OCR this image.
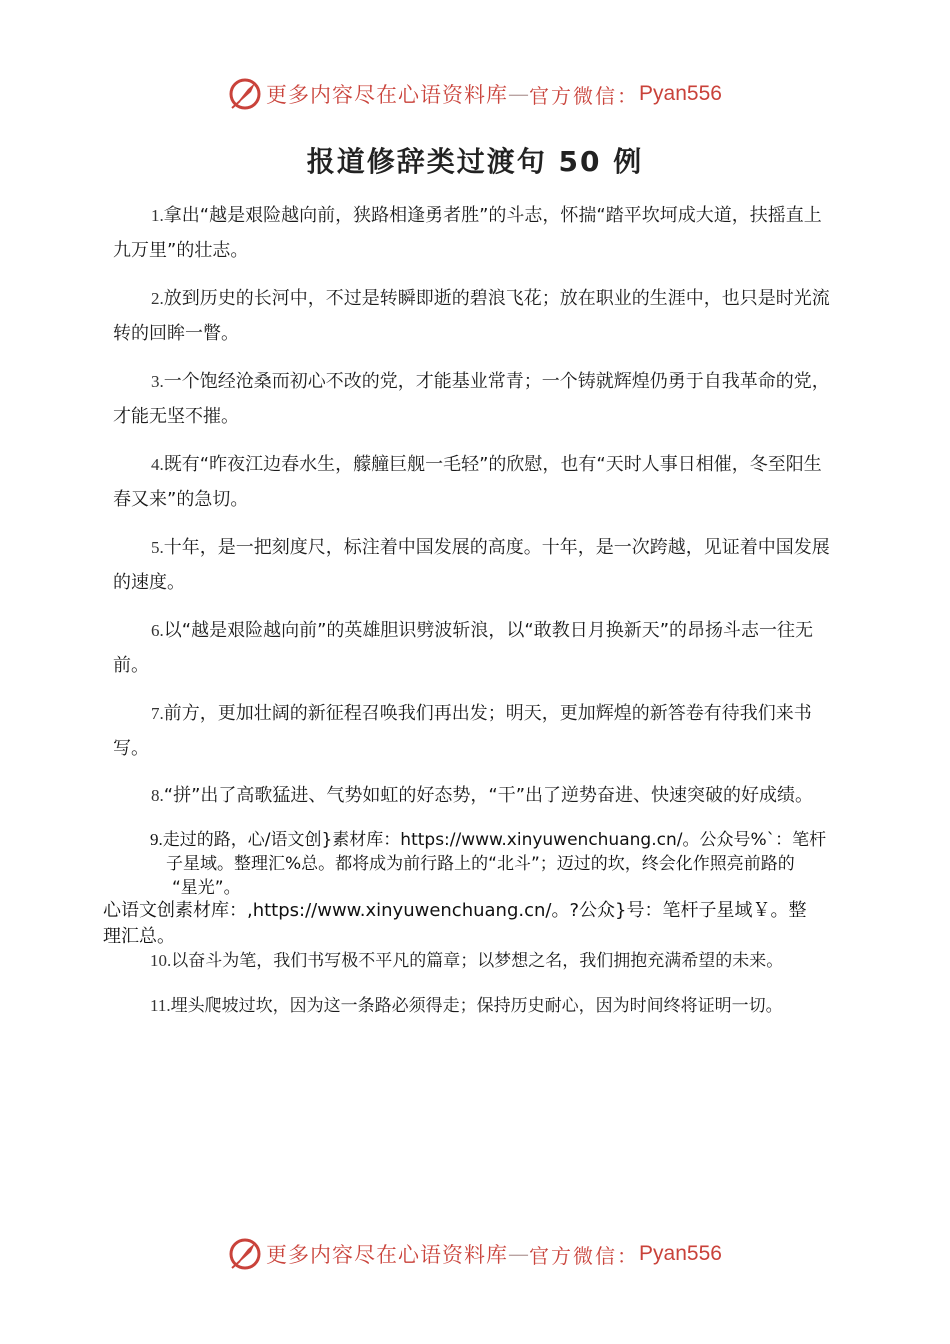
更多内容尽在心语资料库 — 官方微信： Pyan556
报道修辞类过渡句 50 例
1.拿出“越是艰险越向前，狭路相逢勇者胜”的斗志，怀揣“踏平坎坷成大道，扶摇直上九万里”的壮志。
2.放到历史的长河中，不过是转瞬即逝的碧浪飞花；放在职业的生涯中，也只是时光流转的回眸一瞥。
3.一个饱经沧桑而初心不改的党，才能基业常青；一个铸就辉煌仍勇于自我革命的党，才能无坚不摧。
4.既有“昨夜江边春水生，艨艟巨舰一毛轻”的欣慰，也有“天时人事日相催，冬至阳生春又来”的急切。
5.十年，是一把刻度尺，标注着中国发展的高度。十年，是一次跨越，见证着中国发展的速度。
6.以“越是艰险越向前”的英雄胆识劈波斩浪，以“敢教日月换新天”的昂扬斗志一往无前。
7.前方，更加壮阔的新征程召唤我们再出发；明天，更加辉煌的新答卷有待我们来书写。
8.“拼”出了高歌猛进、气势如虹的好态势，“干”出了逆势奋进、快速突破的好成绩。
9.走过的路，心/语文创}素材库：https://www.xinyuwenchuang.cn/。公众号%`：笔杆
子星域。整理汇%总。都将成为前行路上的“北斗”；迈过的坎，终会化作照亮前路的
“星光”。
心语文创素材库：,https://www.xinyuwenchuang.cn/。?公众}号：笔杆子星域￥。整
理汇总。
10.以奋斗为笔，我们书写极不平凡的篇章；以梦想之名，我们拥抱充满希望的未来。
11.埋头爬坡过坎，因为这一条路必须得走；保持历史耐心，因为时间终将证明一切。
更多内容尽在心语资料库 — 官方微信： Pyan556
